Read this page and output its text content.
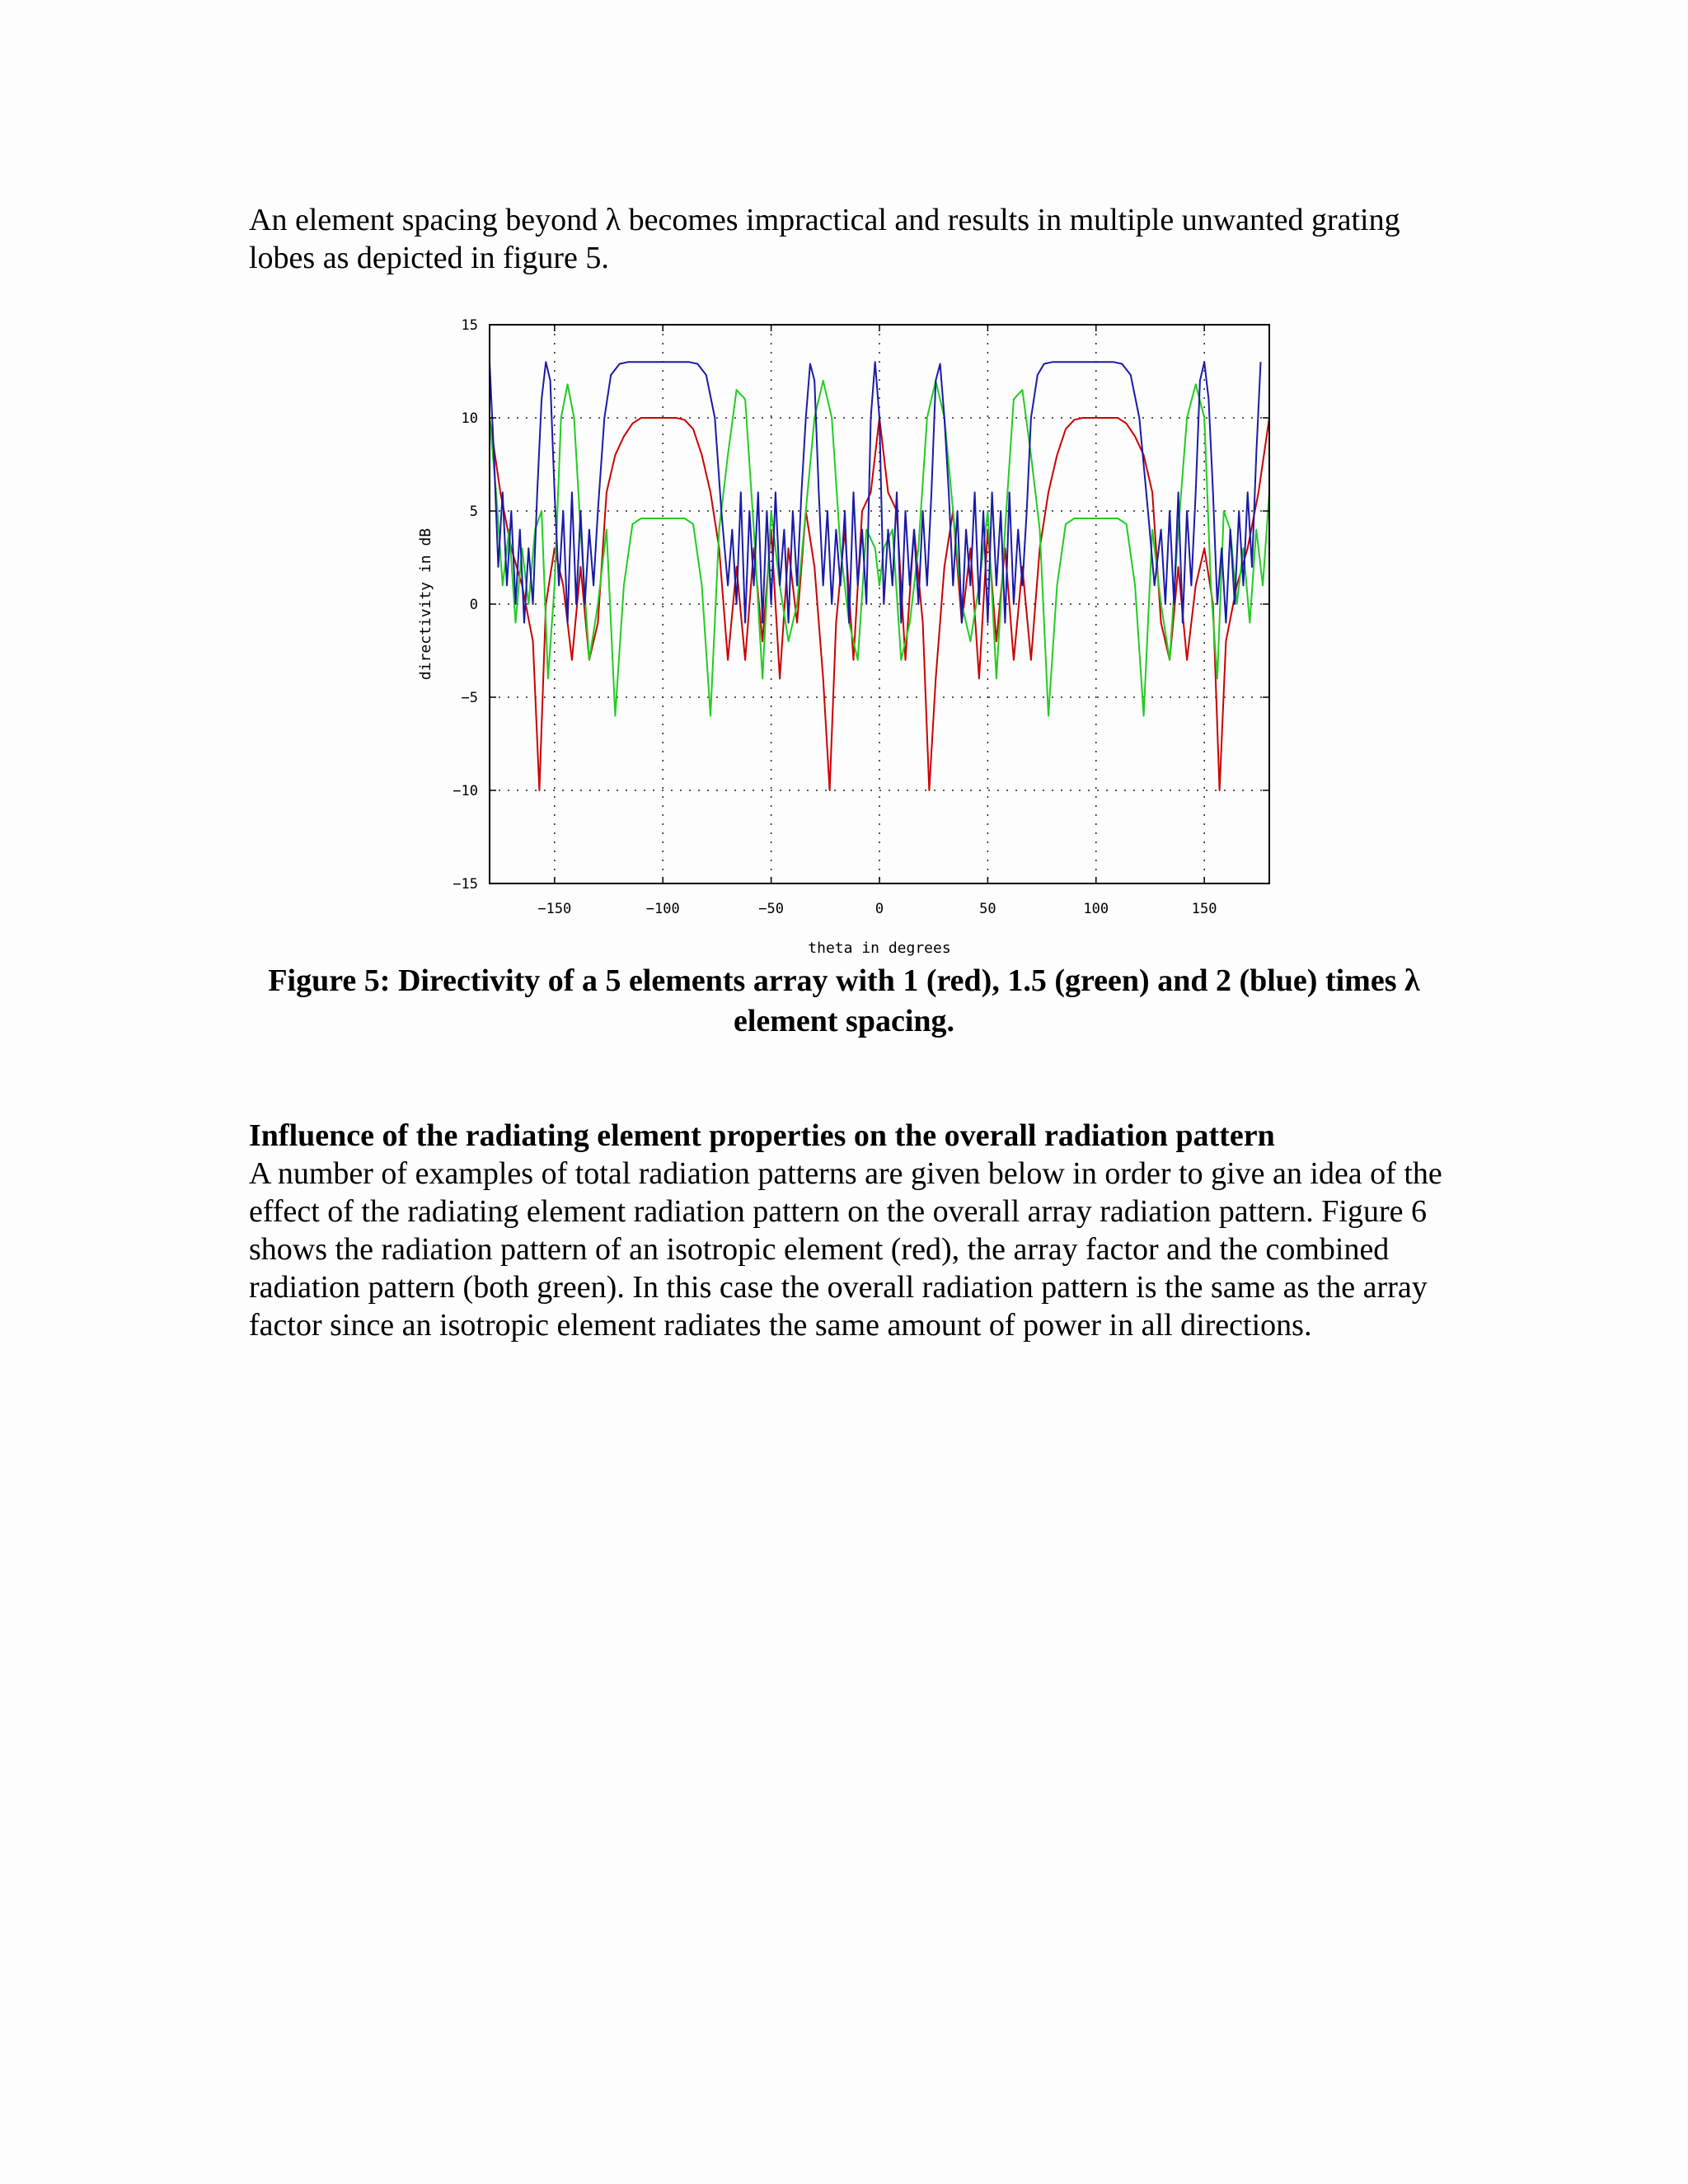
An element spacing beyond λ becomes impractical and results in multiple unwanted grating lobes as depicted in figure 5.

−150	−100	−50	0	50	100	150
15
10
5
0
−5
−10
−15
theta in degrees
directivity in dB

Figure 5: Directivity of a 5 elements array with 1 (red), 1.5 (green) and 2 (blue) times λ element spacing.

Influence of the radiating element properties on the overall radiation pattern

A number of examples of total radiation patterns are given below in order to give an idea of the effect of the radiating element radiation pattern on the overall array radiation pattern. Figure 6 shows the radiation pattern of an isotropic element (red), the array factor and the combined radiation pattern (both green). In this case the overall radiation pattern is the same as the array factor since an isotropic element radiates the same amount of power in all directions.
